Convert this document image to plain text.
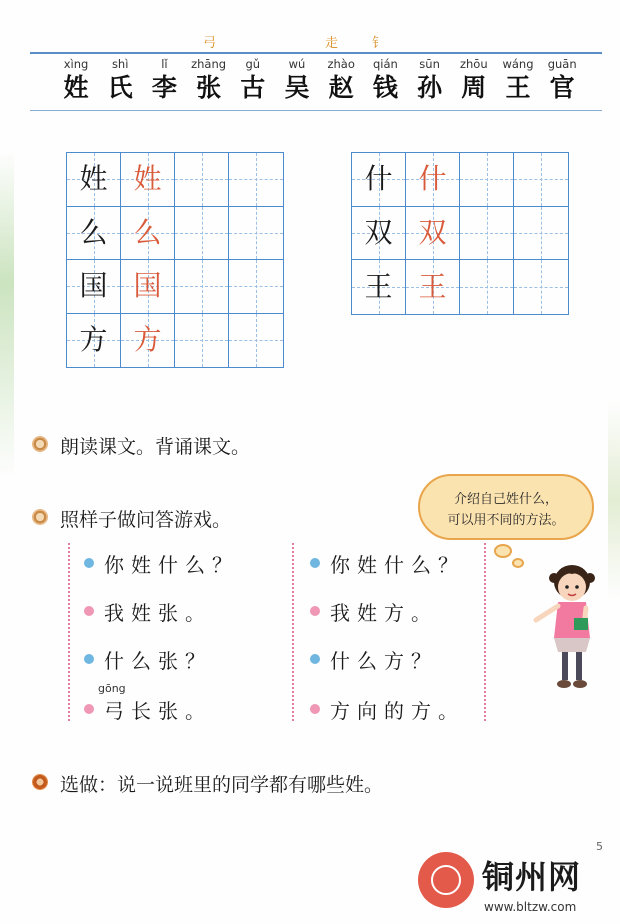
弓	走	钅
xìng
姓
shì
氏
lǐ
李
zhāng
张
gǔ
古
wú
吴
zhào
赵
qián
钱
sūn
孙
zhōu
周
wáng
王
guān
官
姓 姓
么 么
国 国
方 方
什 什
双 双
王 王
朗读课文。背诵课文。
照样子做问答游戏。
介绍自己姓什么，
可以用不同的方法。
你姓什么？
我姓张。
什么张？
弓长张。
你姓什么？
我姓方。
什么方？
方向的方。
gōng
选做：说一说班里的同学都有哪些姓。
5
铜州网
www.bltzw.com
